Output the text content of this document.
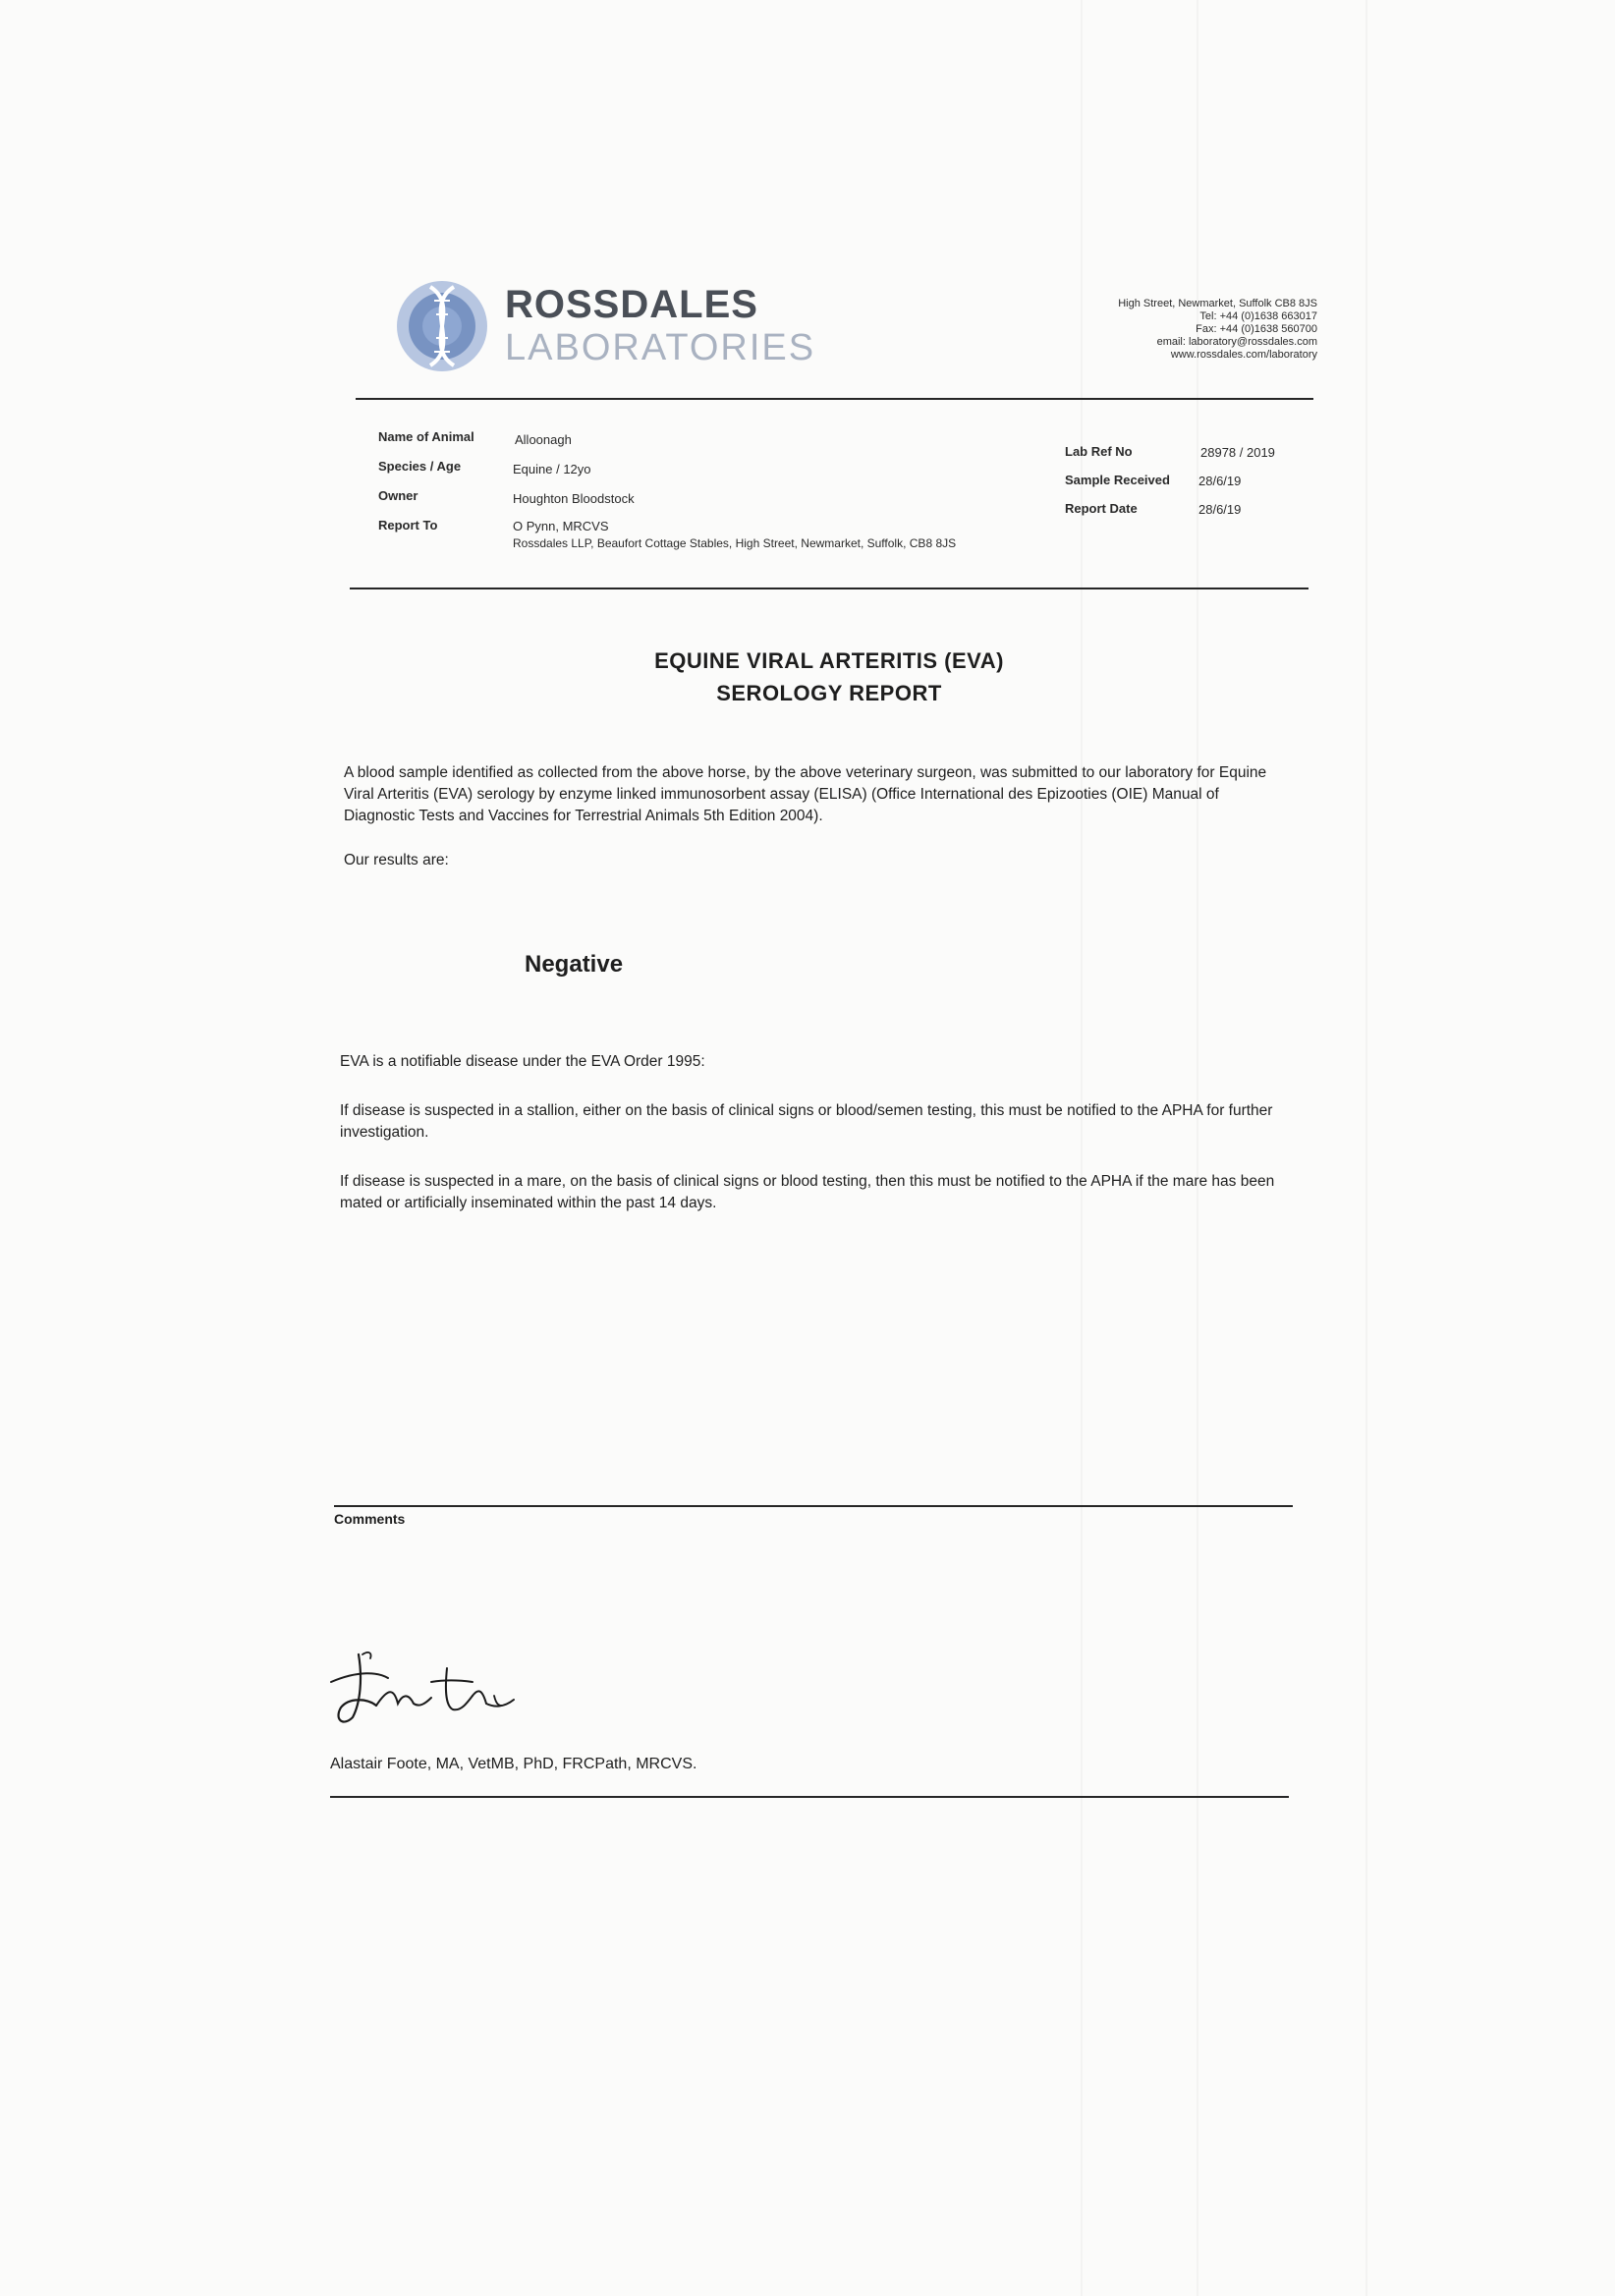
ROSSDALES
LABORATORIES
High Street, Newmarket, Suffolk CB8 8JS
Tel: +44 (0)1638 663017
Fax: +44 (0)1638 560700
email: laboratory@rossdales.com
www.rossdales.com/laboratory
Name of Animal	Alloonagh
Species / Age	Equine / 12yo
Owner	Houghton Bloodstock
Report To	O Pynn, MRCVS
Rossdales LLP, Beaufort Cottage Stables, High Street, Newmarket, Suffolk, CB8 8JS
Lab Ref No	28978 / 2019
Sample Received 28/6/19
Report Date	28/6/19
EQUINE VIRAL ARTERITIS (EVA)
SEROLOGY REPORT
A blood sample identified as collected from the above horse, by the above veterinary surgeon, was submitted to our laboratory for Equine Viral Arteritis (EVA) serology by enzyme linked immunosorbent assay (ELISA) (Office International des Epizooties (OIE) Manual of Diagnostic Tests and Vaccines for Terrestrial Animals 5th Edition 2004).
Our results are:
Negative
EVA is a notifiable disease under the EVA Order 1995:
If disease is suspected in a stallion, either on the basis of clinical signs or blood/semen testing, this must be notified to the APHA for further investigation.
If disease is suspected in a mare, on the basis of clinical signs or blood testing, then this must be notified to the APHA if the mare has been mated or artificially inseminated within the past 14 days.
Comments
Alastair Foote, MA, VetMB, PhD, FRCPath, MRCVS.
